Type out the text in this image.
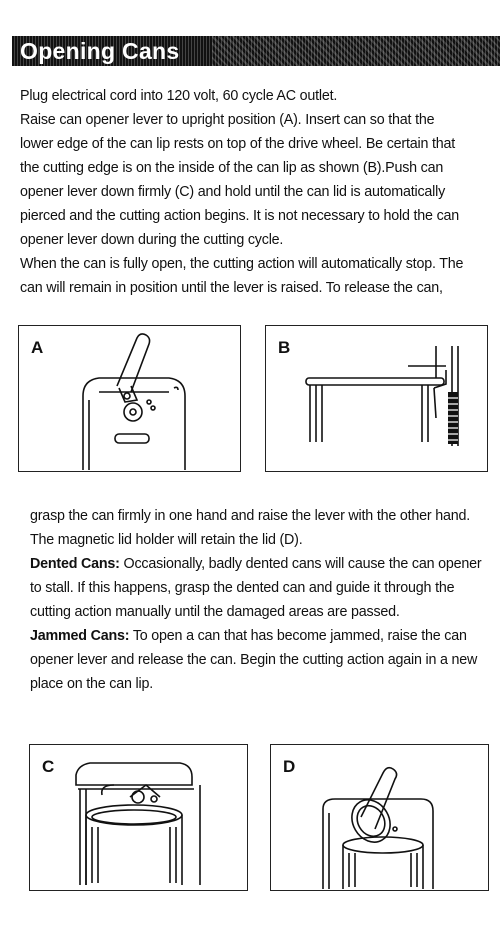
Opening Cans
Plug electrical cord into 120 volt, 60 cycle AC outlet.
Raise can opener lever to upright position (A). Insert can so that the
lower edge of the can lip rests on top of the drive wheel. Be certain that
the cutting edge is on the inside of the can lip as shown (B).Push can
opener lever down firmly (C) and hold until the can lid is automatically
pierced and the cutting action begins. It is not necessary to hold the can
opener lever down during the cutting cycle.
When the can is fully open, the cutting action will automatically stop. The
can will remain in position until the lever is raised. To release the can,
A	B
grasp the can firmly in one hand and raise the lever with the other hand.
The magnetic lid holder will retain the lid (D).
Dented Cans: Occasionally, badly dented cans will cause the can opener
to stall. If this happens, grasp the dented can and guide it through the
cutting action manually until the damaged areas are passed.
Jammed Cans: To open a can that has become jammed, raise the can
opener lever and release the can. Begin the cutting action again in a new
place on the can lip.
C	D
